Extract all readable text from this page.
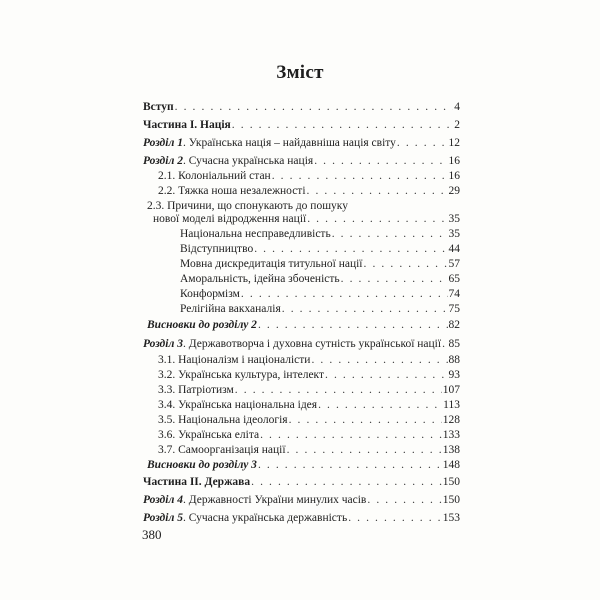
Зміст
Вступ . . .	4
Частина І. Нація . . .	2
Розділ 1. Українська нація – найдавніша нація світу . . .	12
Розділ 2. Сучасна українська нація . . .	16
2.1. Колоніальний стан . . .	16
2.2. Тяжка ноша незалежності . . .	29
2.3. Причини, що спонукають до пошуку
нової моделі відродження нації . . .	35
Національна несправедливість . . .	35
Відступництво . . .	44
Мовна дискредитація титульної нації . . .	57
Аморальність, ідейна збоченість . . .	65
Конформізм . . .	74
Релігійна вакханалія . . .	75
Висновки до розділу 2 . . .	82
Розділ 3. Державотворча і духовна сутність української нації . . . 85
3.1. Націоналізм і націоналісти . . .	88
3.2. Українська культура, інтелект . . .	93
3.3. Патріотизм . . .	107
3.4. Українська національна ідея . . .	113
3.5. Національна ідеологія . . .	128
3.6. Українська еліта . . .	133
3.7. Самоорганізація нації . . .	138
Висновки до розділу 3 . . .	148
Частина ІІ. Держава . . .	150
Розділ 4. Державності України минулих часів . . .	150
Розділ 5. Сучасна українська державність . . .	153
380
